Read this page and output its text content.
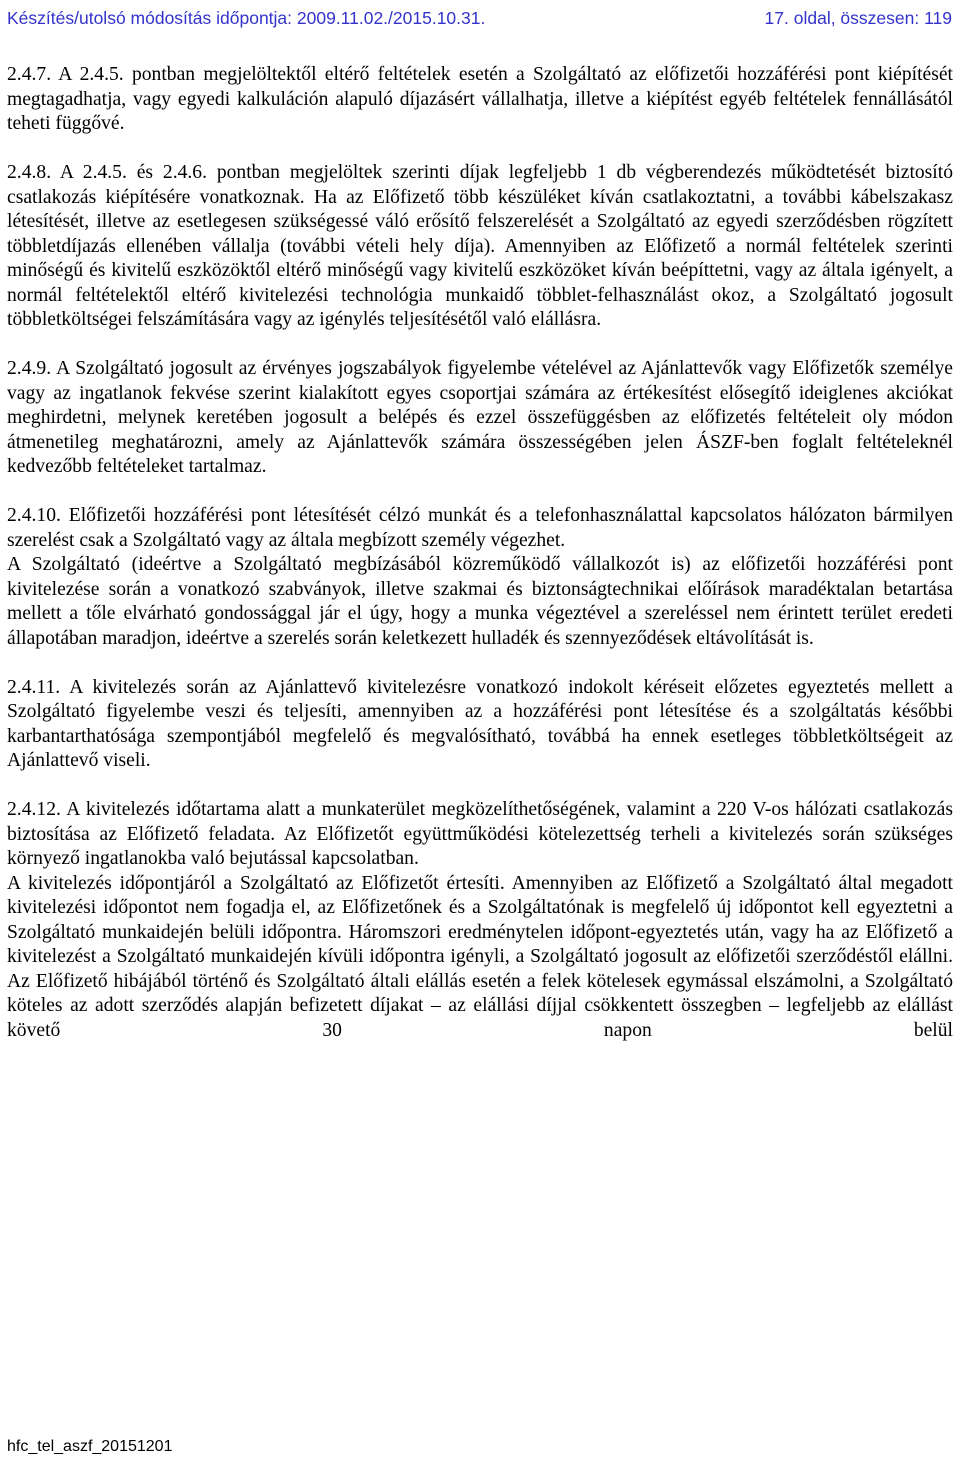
Készítés/utolsó módosítás időpontja: 2009.11.02./2015.10.31.	17. oldal, összesen: 119

2.4.7. A 2.4.5. pontban megjelöltektől eltérő feltételek esetén a Szolgáltató az előfizetői hozzáférési pont kiépítését megtagadhatja, vagy egyedi kalkuláción alapuló díjazásért vállalhatja, illetve a kiépítést egyéb feltételek fennállásától teheti függővé.

2.4.8. A 2.4.5. és 2.4.6. pontban megjelöltek szerinti díjak legfeljebb 1 db végberendezés működtetését biztosító csatlakozás kiépítésére vonatkoznak. Ha az Előfizető több készüléket kíván csatlakoztatni, a további kábelszakasz létesítését, illetve az esetlegesen szükségessé váló erősítő felszerelését a Szolgáltató az egyedi szerződésben rögzített többletdíjazás ellenében vállalja (további vételi hely díja). Amennyiben az Előfizető a normál feltételek szerinti minőségű és kivitelű eszközöktől eltérő minőségű vagy kivitelű eszközöket kíván beépíttetni, vagy az általa igényelt, a normál feltételektől eltérő kivitelezési technológia munkaidő többlet-felhasználást okoz, a Szolgáltató jogosult többletköltségei felszámítására vagy az igénylés teljesítésétől való elállásra.

2.4.9. A Szolgáltató jogosult az érvényes jogszabályok figyelembe vételével az Ajánlattevők vagy Előfizetők személye vagy az ingatlanok fekvése szerint kialakított egyes csoportjai számára az értékesítést elősegítő ideiglenes akciókat meghirdetni, melynek keretében jogosult a belépés és ezzel összefüggésben az előfizetés feltételeit oly módon átmenetileg meghatározni, amely az Ajánlattevők számára összességében jelen ÁSZF-ben foglalt feltételeknél kedvezőbb feltételeket tartalmaz.

2.4.10. Előfizetői hozzáférési pont létesítését célzó munkát és a telefonhasználattal kapcsolatos hálózaton bármilyen szerelést csak a Szolgáltató vagy az általa megbízott személy végezhet.

A Szolgáltató (ideértve a Szolgáltató megbízásából közreműködő vállalkozót is) az előfizetői hozzáférési pont kivitelezése során a vonatkozó szabványok, illetve szakmai és biztonságtechnikai előírások maradéktalan betartása mellett a tőle elvárható gondossággal jár el úgy, hogy a munka végeztével a szereléssel nem érintett terület eredeti állapotában maradjon, ideértve a szerelés során keletkezett hulladék és szennyeződések eltávolítását is.

2.4.11. A kivitelezés során az Ajánlattevő kivitelezésre vonatkozó indokolt kéréseit előzetes egyeztetés mellett a Szolgáltató figyelembe veszi és teljesíti, amennyiben az a hozzáférési pont létesítése és a szolgáltatás későbbi karbantarthatósága szempontjából megfelelő és megvalósítható, továbbá ha ennek esetleges többletköltségeit az Ajánlattevő viseli.

2.4.12. A kivitelezés időtartama alatt a munkaterület megközelíthetőségének, valamint a 220 V-os hálózati csatlakozás biztosítása az Előfizető feladata. Az Előfizetőt együttműködési kötelezettség terheli a kivitelezés során szükséges környező ingatlanokba való bejutással kapcsolatban.

A kivitelezés időpontjáról a Szolgáltató az Előfizetőt értesíti. Amennyiben az Előfizető a Szolgáltató által megadott kivitelezési időpontot nem fogadja el, az Előfizetőnek és a Szolgáltatónak is megfelelő új időpontot kell egyeztetni a Szolgáltató munkaidején belüli időpontra. Háromszori eredménytelen időpont-egyeztetés után, vagy ha az Előfizető a kivitelezést a Szolgáltató munkaidején kívüli időpontra igényli, a Szolgáltató jogosult az előfizetői szerződéstől elállni. Az Előfizető hibájából történő és Szolgáltató általi elállás esetén a felek kötelesek egymással elszámolni, a Szolgáltató köteles az adott szerződés alapján befizetett díjakat – az elállási díjjal csökkentett összegben – legfeljebb az elállást követő 30 napon belül

hfc_tel_aszf_20151201
